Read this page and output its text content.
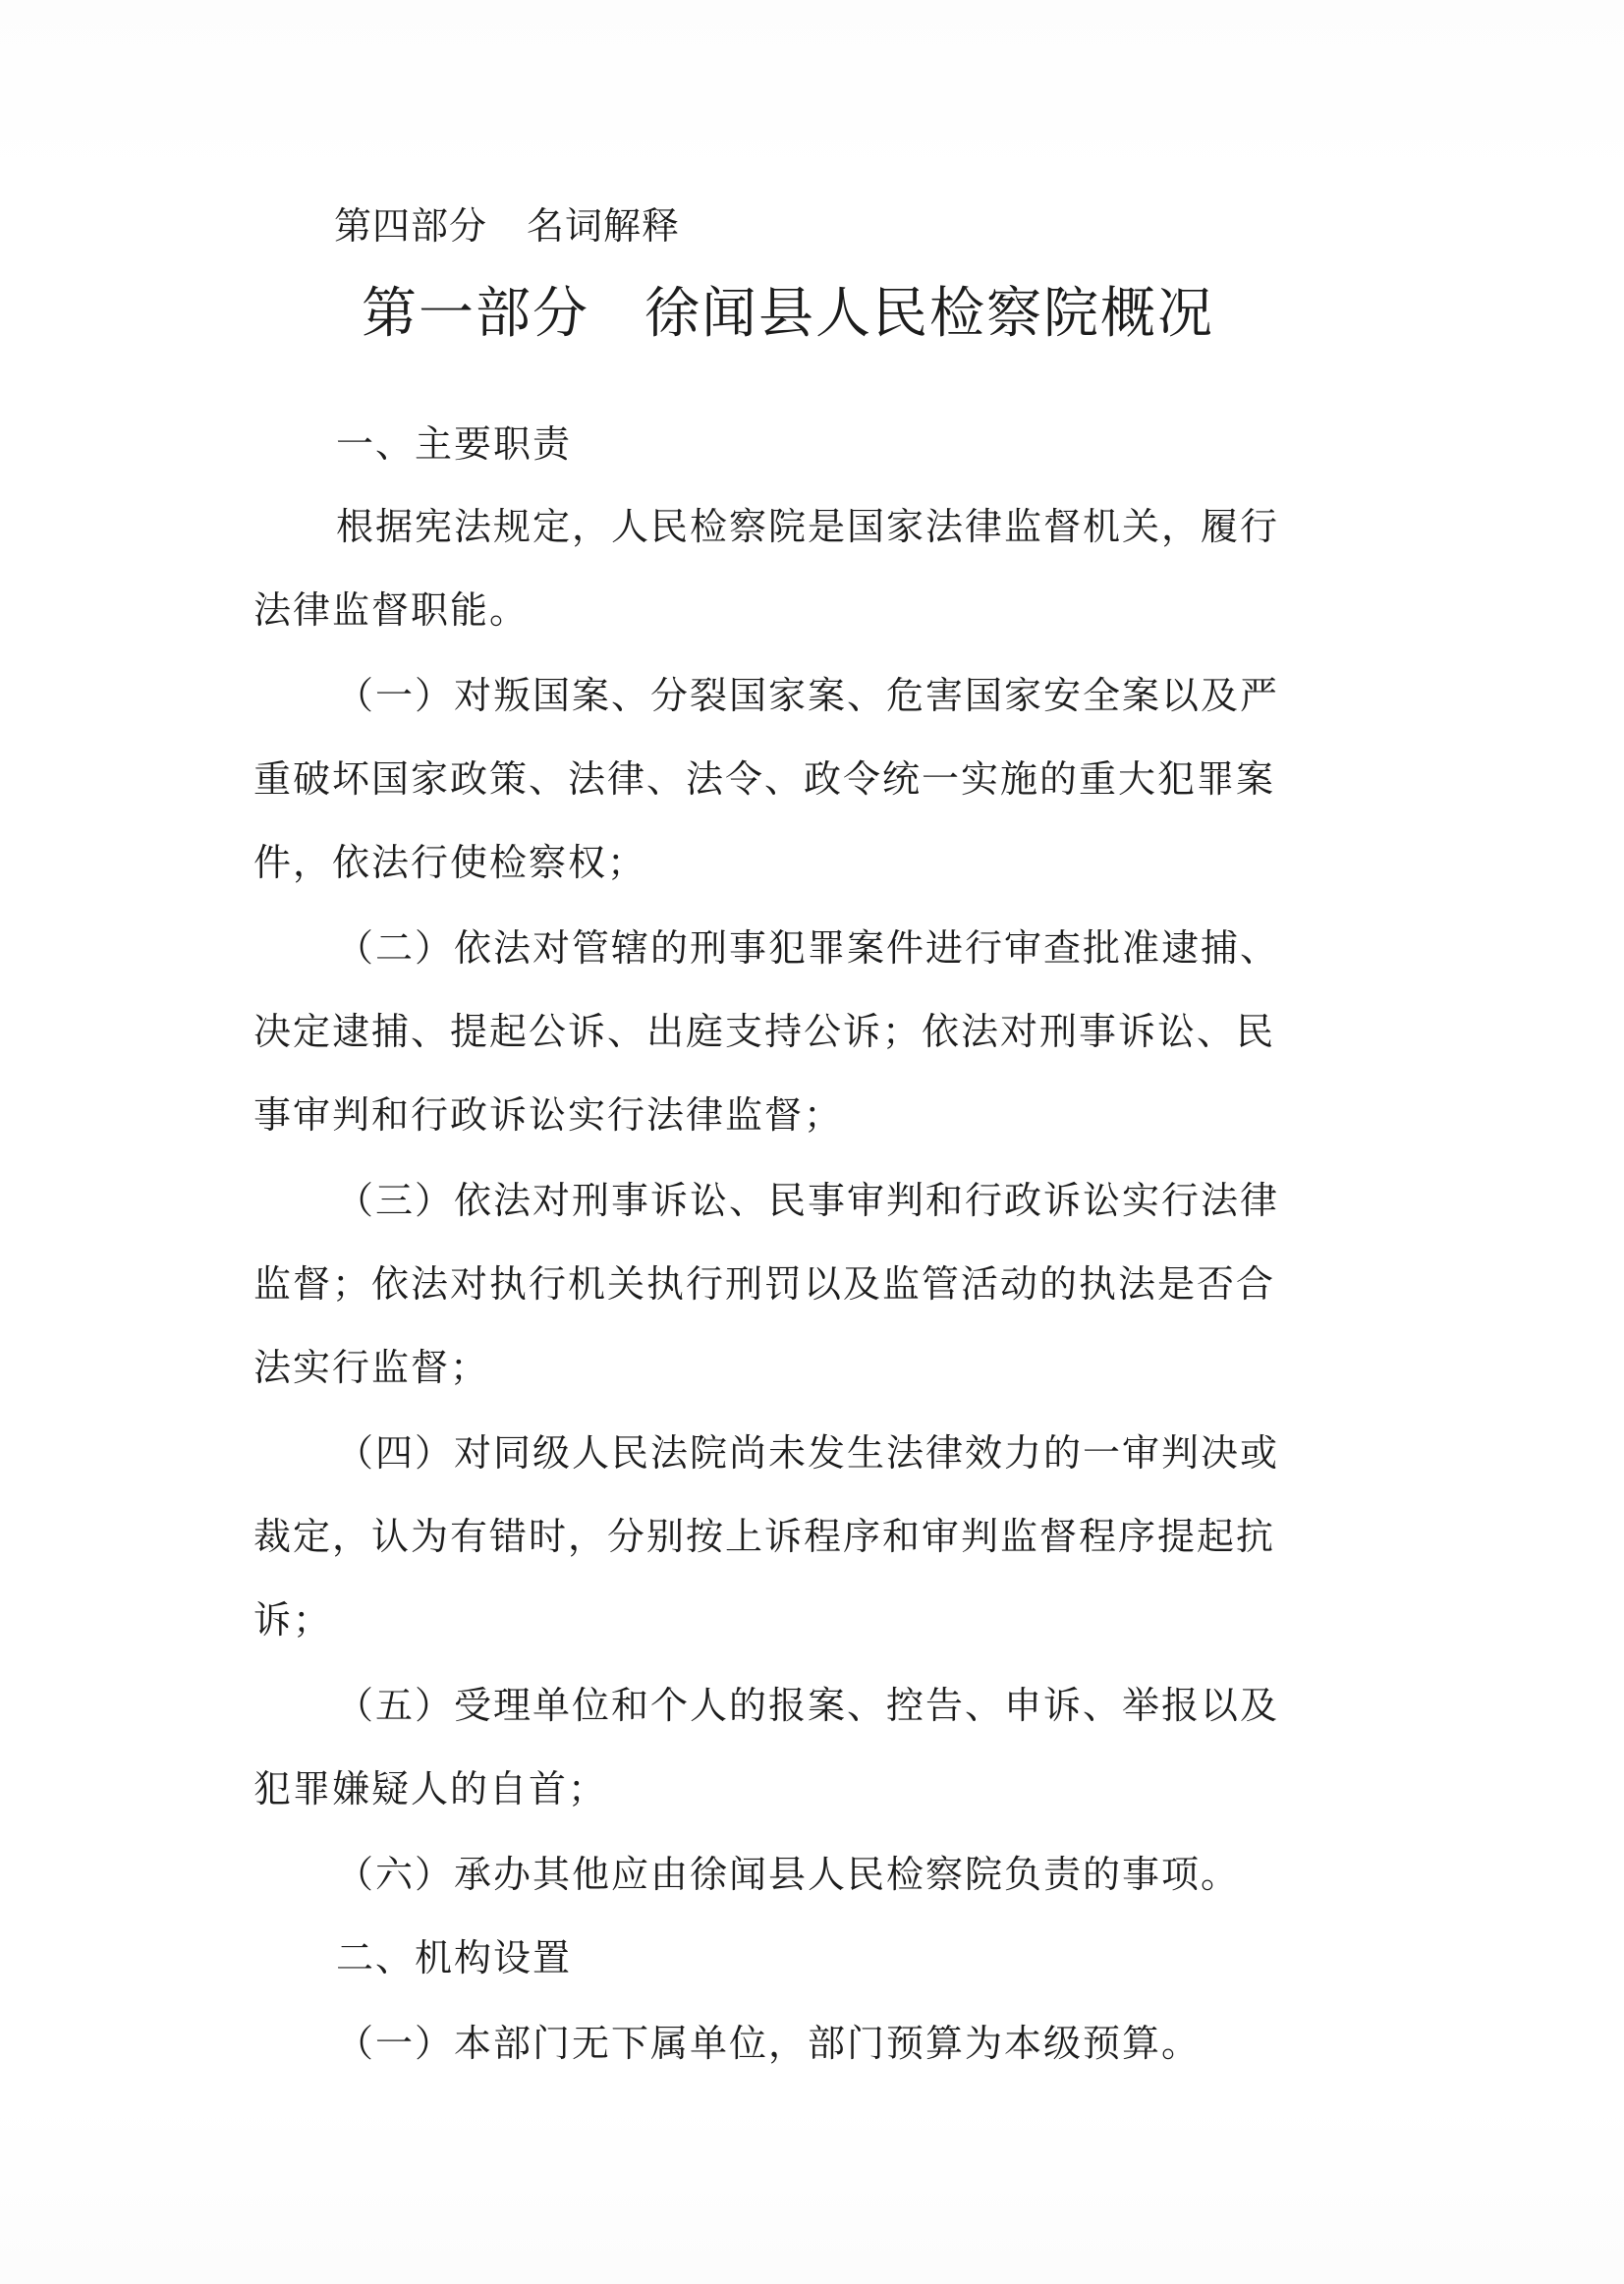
第四部分 名词解释
第一部分 徐闻县人民检察院概况
一、主要职责
根据宪法规定，人民检察院是国家法律监督机关，履行
法律监督职能。
（一）对叛国案、分裂国家案、危害国家安全案以及严
重破坏国家政策、法律、法令、政令统一实施的重大犯罪案
件，依法行使检察权；
（二）依法对管辖的刑事犯罪案件进行审查批准逮捕、
决定逮捕、提起公诉、出庭支持公诉；依法对刑事诉讼、民
事审判和行政诉讼实行法律监督；
（三）依法对刑事诉讼、民事审判和行政诉讼实行法律
监督；依法对执行机关执行刑罚以及监管活动的执法是否合
法实行监督；
（四）对同级人民法院尚未发生法律效力的一审判决或
裁定，认为有错时，分别按上诉程序和审判监督程序提起抗
诉；
（五）受理单位和个人的报案、控告、申诉、举报以及
犯罪嫌疑人的自首；
（六）承办其他应由徐闻县人民检察院负责的事项。
二、机构设置
（一）本部门无下属单位，部门预算为本级预算。
